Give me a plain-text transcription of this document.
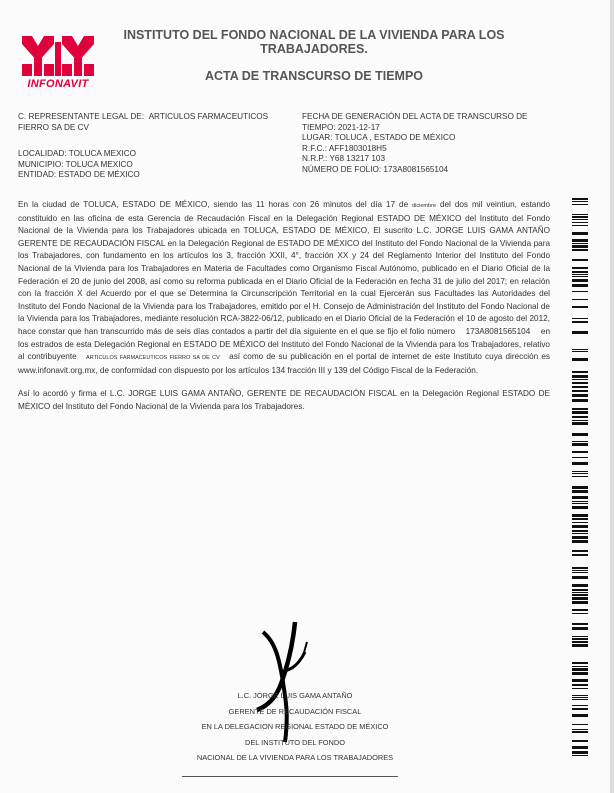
INFONAVIT
INSTITUTO DEL FONDO NACIONAL DE LA VIVIENDA PARA LOS TRABAJADORES.
ACTA DE TRANSCURSO DE TIEMPO
C. REPRESENTANTE LEGAL DE: ARTICULOS FARMACEUTICOS
FIERRO SA DE CV
LOCALIDAD: TOLUCA MEXICO
MUNICIPIO: TOLUCA MEXICO
ENTIDAD: ESTADO DE MÉXICO
FECHA DE GENERACIÓN DEL ACTA DE TRANSCURSO DE
TIEMPO: 2021-12-17
LUGAR: TOLUCA , ESTADO DE MÉXICO
R.F.C.: AFF1803018H5
N.R.P.: Y68 13217 103
NÚMERO DE FOLIO: 173A8081565104

En la ciudad de TOLUCA, ESTADO DE MÉXICO, siendo las 11 horas con 26 minutos del día 17 de diciembre del dos mil veintiun, estando constituido en las oficina de esta Gerencia de Recaudación Fiscal en la Delegación Regional ESTADO DE MÉXICO del Instituto del Fondo Nacional de la Vivienda para los Trabajadores ubicada en TOLUCA, ESTADO DE MÉXICO, El suscrito L.C. JORGE LUIS GAMA ANTAÑO GERENTE DE RECAUDACIÓN FISCAL en la Delegación Regional de ESTADO DE MÉXICO del Instituto del Fondo Nacional de la Vivienda para los Trabajadores, con fundamento en los artículos los 3, fracción XXII, 4°, fracción XX y 24 del Reglamento Interior del Instituto del Fondo Nacional de la Vivienda para los Trabajadores en Materia de Facultades como Organismo Fiscal Autónomo, publicado en el Diario Oficial de la Federación el 20 de junio del 2008, así como su reforma publicada en el Diario Oficial de la Federación en fecha 31 de julio del 2017; en relación con la fracción X del Acuerdo por el que se Determina la Circunscripción Territorial en la cual Ejercerán sus Facultades las Autoridades del Instituto del Fondo Nacional de la Vivienda para los Trabajadores, emitido por el H. Consejo de Administración del Instituto del Fondo Nacional de la Vivienda para los Trabajadores, mediante resolución RCA-3822-06/12, publicado en el Diario Oficial de la Federación el 10 de agosto del 2012, hace constar que han transcurrido más de seis días contados a partir del día siguiente en el que se fijo el folio número 173A8081565104 en los estrados de esta Delegación Regional en ESTADO DE MÉXICO del Instituto del Fondo Nacional de la Vivienda para los Trabajadores, relativo al contribuyente ARTICULOS FARMACEUTICOS FIERRO SA DE CV así como de su publicación en el portal de internet de este Instituto cuya dirección es www.infonavit.org.mx, de conformidad con dispuesto por los artículos 134 fracción III y 139 del Código Fiscal de la Federación.

Así lo acordó y firma el L.C. JORGE LUIS GAMA ANTAÑO, GERENTE DE RECAUDACIÓN FISCAL en la Delegación Regional ESTADO DE MÉXICO del Instituto del Fondo Nacional de la Vivienda para los Trabajadores.

L.C. JORGE LUIS GAMA ANTAÑO
GERENTE DE RECAUDACIÓN FISCAL
EN LA DELEGACION REGIONAL ESTADO DE MÉXICO
DEL INSTITUTO DEL FONDO
NACIONAL DE LA VIVIENDA PARA LOS TRABAJADORES
